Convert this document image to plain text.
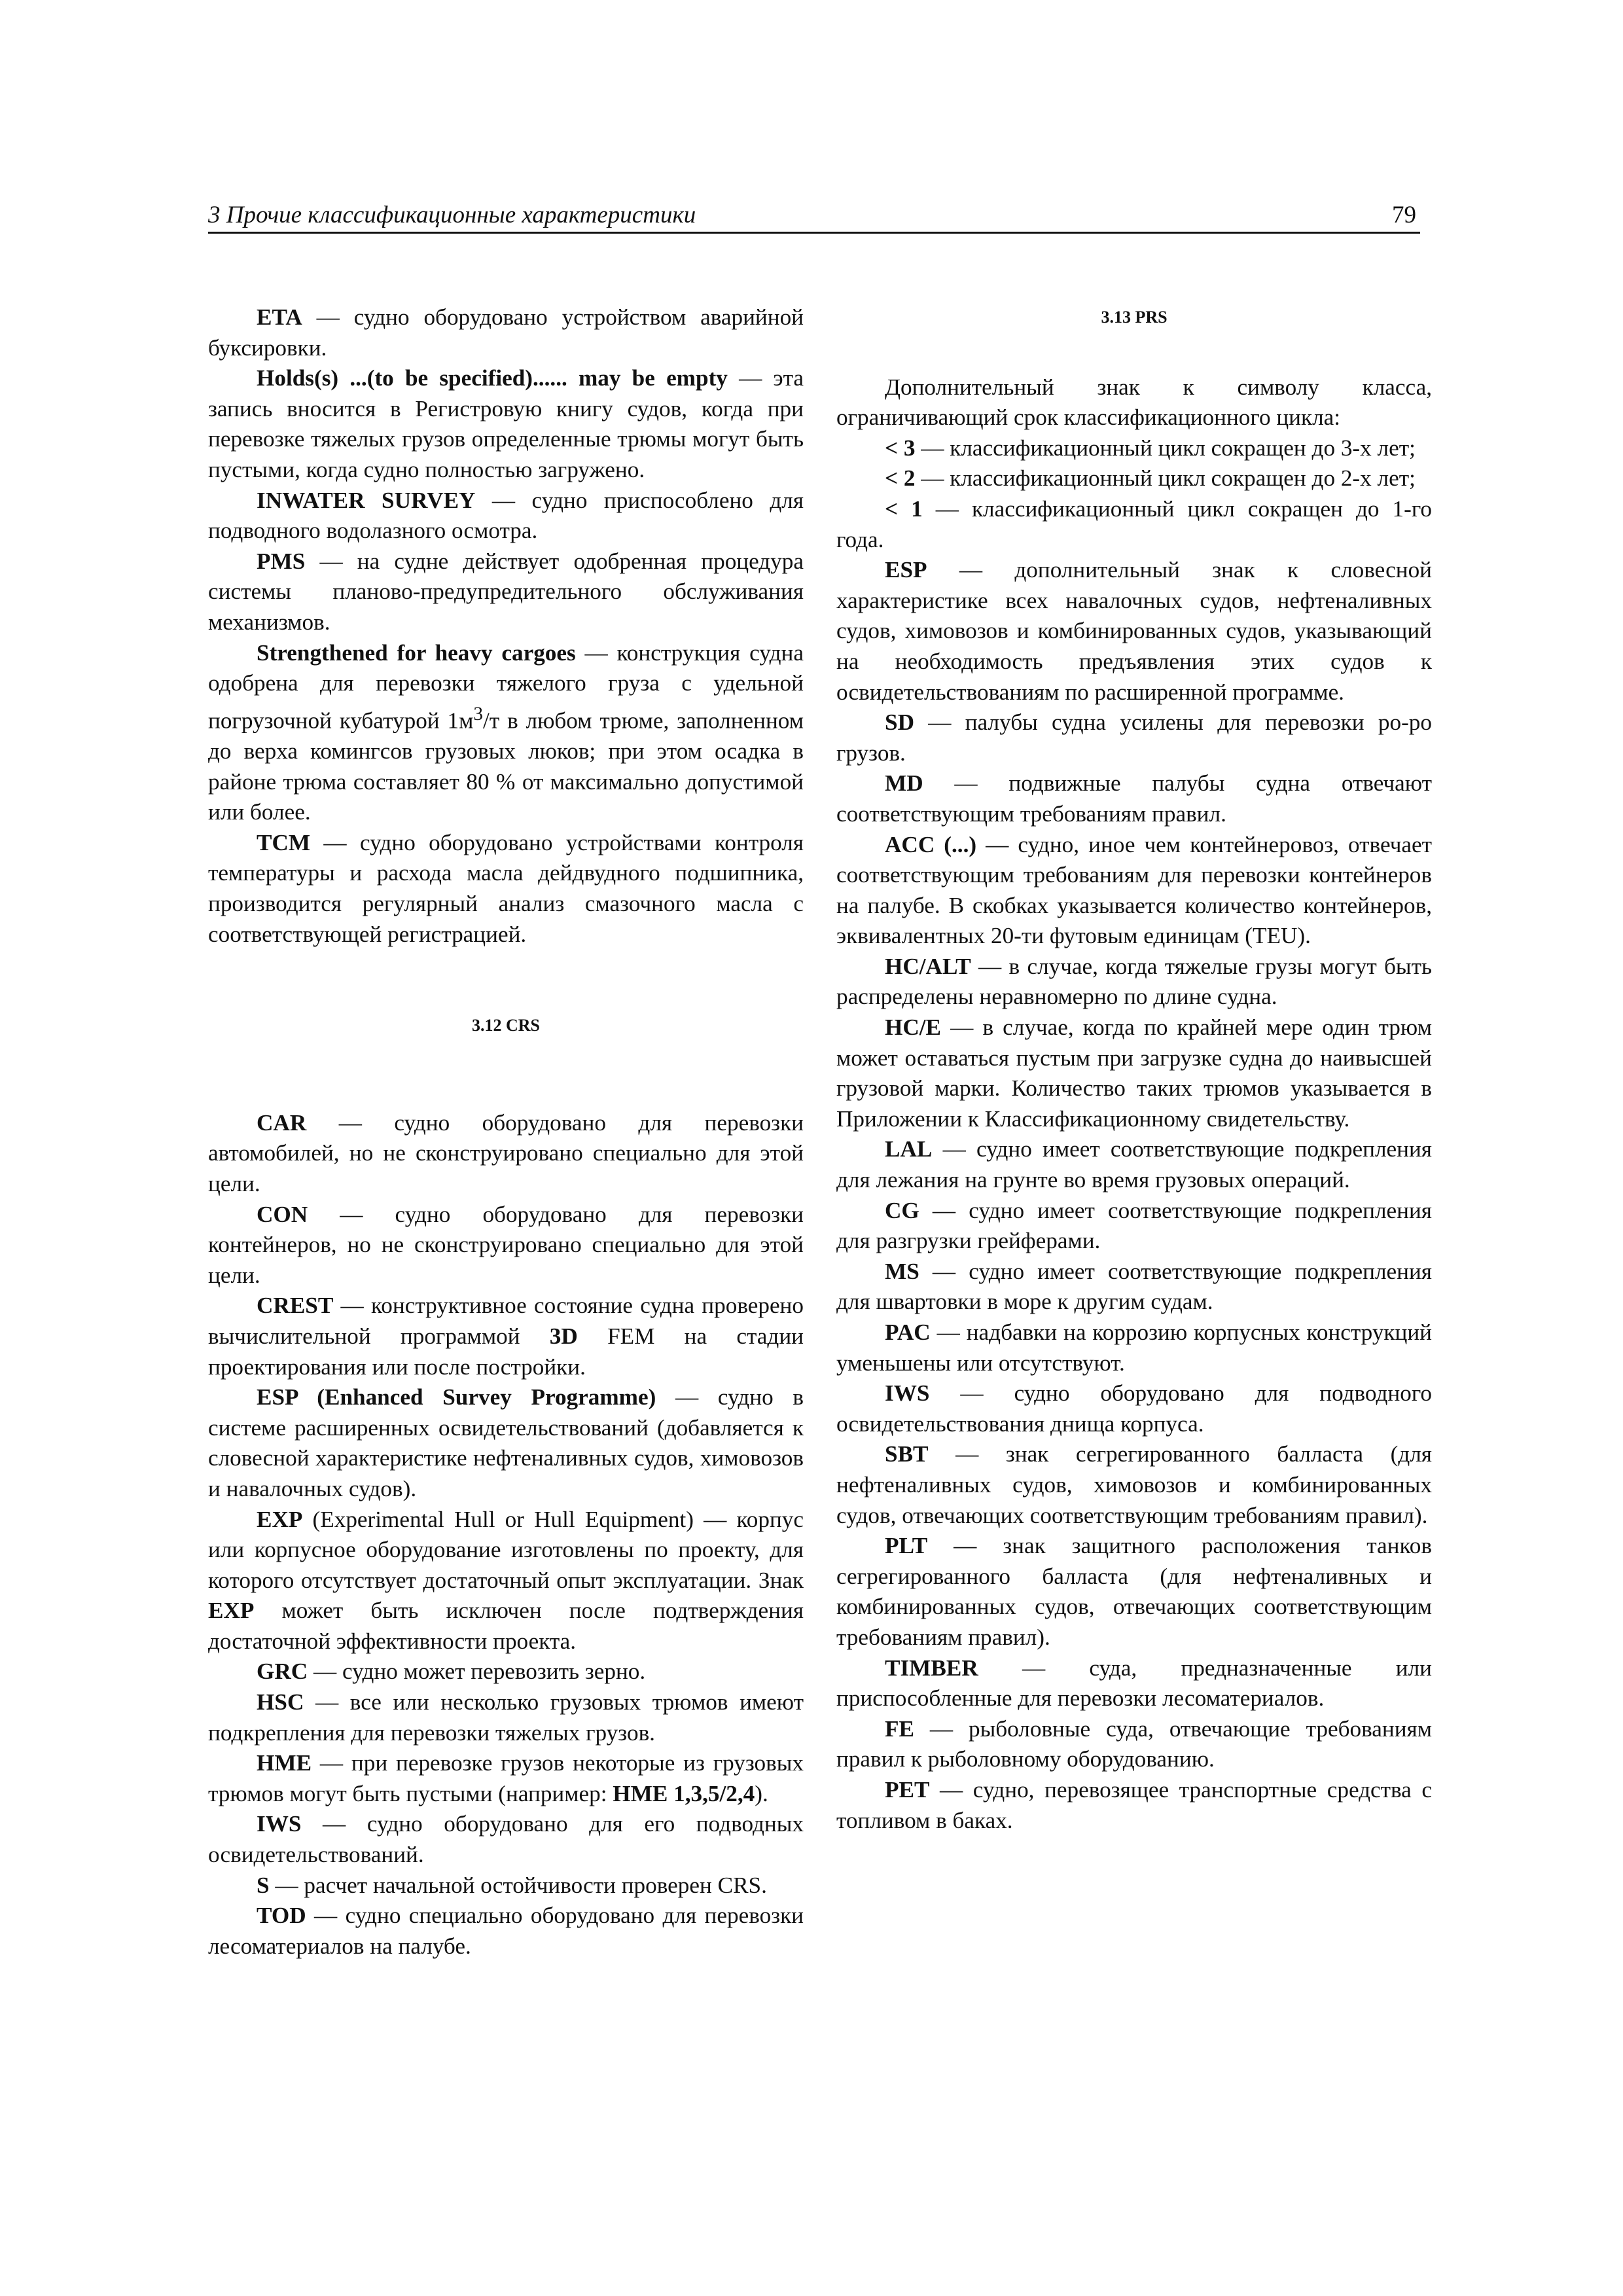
3 Прочие классификационные характеристики	79

ETA — судно оборудовано устройством аварийной буксировки.

Holds(s) ...(to be specified)...... may be empty — эта запись вносится в Регистровую книгу судов, когда при перевозке тяжелых грузов определенные трюмы могут быть пустыми, когда судно полностью загружено.

INWATER SURVEY — судно приспособлено для подводного водолазного осмотра.

PMS — на судне действует одобренная процедура системы планово-предупредительного обслуживания механизмов.

Strengthened for heavy cargoes — конструкция судна одобрена для перевозки тяжелого груза с удельной погрузочной кубатурой $1м^3/т$ в любом трюме, заполненном до верха комингсов грузовых люков; при этом осадка в районе трюма составляет 80 % от максимально допустимой или более.

TCM — судно оборудовано устройствами контроля температуры и расхода масла дейдвудного подшипника, производится регулярный анализ смазочного масла с соответствующей регистрацией.

3.12 CRS

CAR — судно оборудовано для перевозки автомобилей, но не сконструировано специально для этой цели.

CON — судно оборудовано для перевозки контейнеров, но не сконструировано специально для этой цели.

CREST — конструктивное состояние судна проверено вычислительной программой 3D FEM на стадии проектирования или после постройки.

ESP (Enhanced Survey Programme) — судно в системе расширенных освидетельствований (добавляется к словесной характеристике нефтеналивных судов, химовозов и навалочных судов).

EXP (Experimental Hull or Hull Equipment) — корпус или корпусное оборудование изготовлены по проекту, для которого отсутствует достаточный опыт эксплуатации. Знак EXP может быть исключен после подтверждения достаточной эффективности проекта.

GRC — судно может перевозить зерно.

HSC — все или несколько грузовых трюмов имеют подкрепления для перевозки тяжелых грузов.

HME — при перевозке грузов некоторые из грузовых трюмов могут быть пустыми (например: HME 1,3,5/2,4).

IWS — судно оборудовано для его подводных освидетельствований.

S — расчет начальной остойчивости проверен CRS.

TOD — судно специально оборудовано для перевозки лесоматериалов на палубе.

3.13 PRS

Дополнительный знак к символу класса, ограничивающий срок классификационного цикла:

< 3 — классификационный цикл сокращен до 3-х лет;

< 2 — классификационный цикл сокращен до 2-х лет;

< 1 — классификационный цикл сокращен до 1-го года.

ESP — дополнительный знак к словесной характеристике всех навалочных судов, нефтеналивных судов, химовозов и комбинированных судов, указывающий на необходимость предъявления этих судов к освидетельствованиям по расширенной программе.

SD — палубы судна усилены для перевозки ро-ро грузов.

MD — подвижные палубы судна отвечают соответствующим требованиям правил.

ACC (...) — судно, иное чем контейнеровоз, отвечает соответствующим требованиям для перевозки контейнеров на палубе. В скобках указывается количество контейнеров, эквивалентных 20-ти футовым единицам (TEU).

HC/ALT — в случае, когда тяжелые грузы могут быть распределены неравномерно по длине судна.

HC/E — в случае, когда по крайней мере один трюм может оставаться пустым при загрузке судна до наивысшей грузовой марки. Количество таких трюмов указывается в Приложении к Классификационному свидетельству.

LAL — судно имеет соответствующие подкрепления для лежания на грунте во время грузовых операций.

CG — судно имеет соответствующие подкрепления для разгрузки грейферами.

MS — судно имеет соответствующие подкрепления для швартовки в море к другим судам.

PAC — надбавки на коррозию корпусных конструкций уменьшены или отсутствуют.

IWS — судно оборудовано для подводного освидетельствования днища корпуса.

SBT — знак сегрегированного балласта (для нефтеналивных судов, химовозов и комбинированных судов, отвечающих соответствующим требованиям правил).

PLT — знак защитного расположения танков сегрегированного балласта (для нефтеналивных и комбинированных судов, отвечающих соответствующим требованиям правил).

TIMBER — суда, предназначенные или приспособленные для перевозки лесоматериалов.

FE — рыболовные суда, отвечающие требованиям правил к рыболовному оборудованию.

PET — судно, перевозящее транспортные средства с топливом в баках.
